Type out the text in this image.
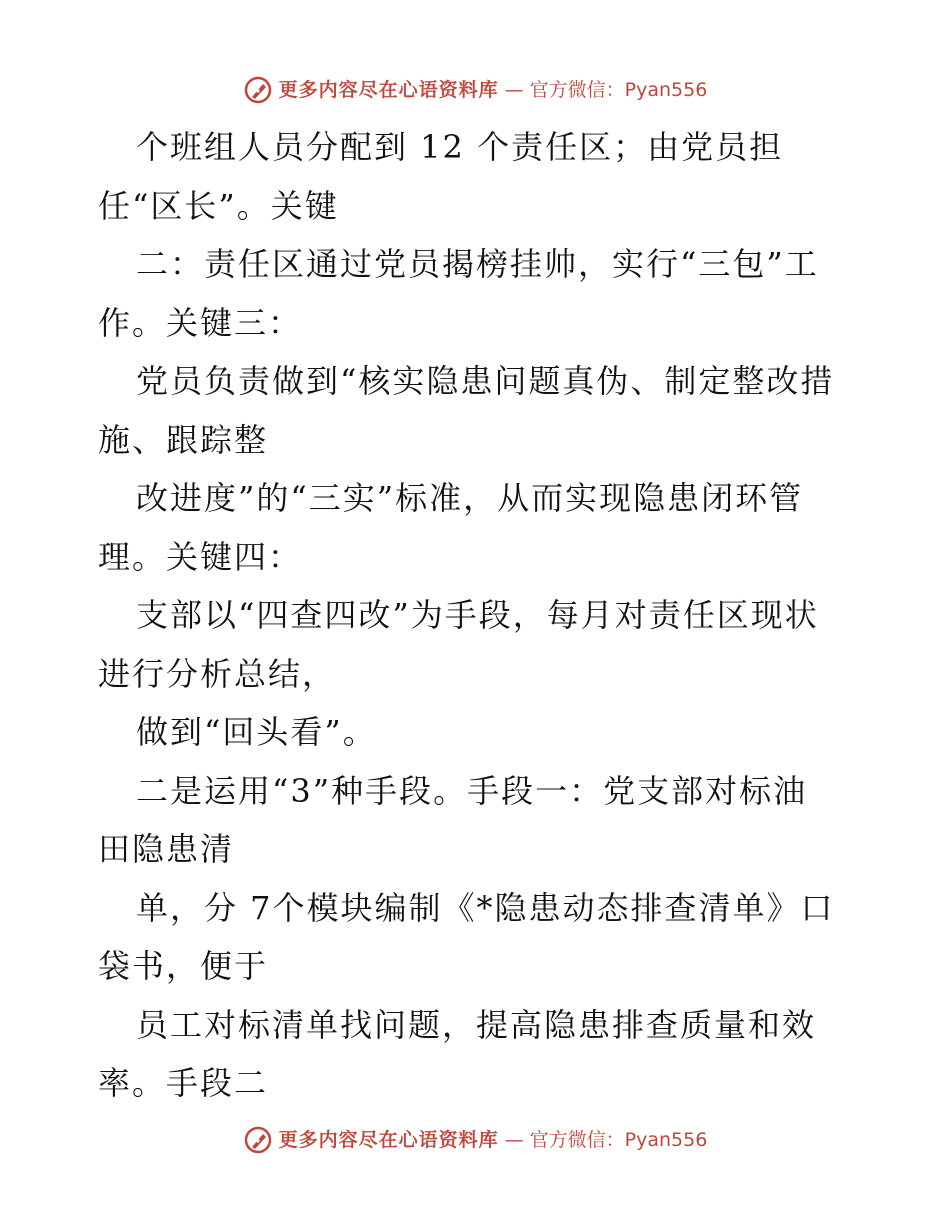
更多内容尽在心语资料库 — 官方微信：Pyan556
个班组人员分配到 12 个责任区；由党员担
任“区长”。关键
二：责任区通过党员揭榜挂帅，实行“三包”工
作。关键三：
党员负责做到“核实隐患问题真伪、制定整改措
施、跟踪整
改进度”的“三实”标准，从而实现隐患闭环管
理。关键四：
支部以“四查四改”为手段，每月对责任区现状
进行分析总结，
做到“回头看”。
二是运用“3”种手段。手段一：党支部对标油
田隐患清
单，分 7个模块编制《*隐患动态排查清单》口
袋书，便于
员工对标清单找问题，提高隐患排查质量和效
率。手段二
更多内容尽在心语资料库 — 官方微信：Pyan556
